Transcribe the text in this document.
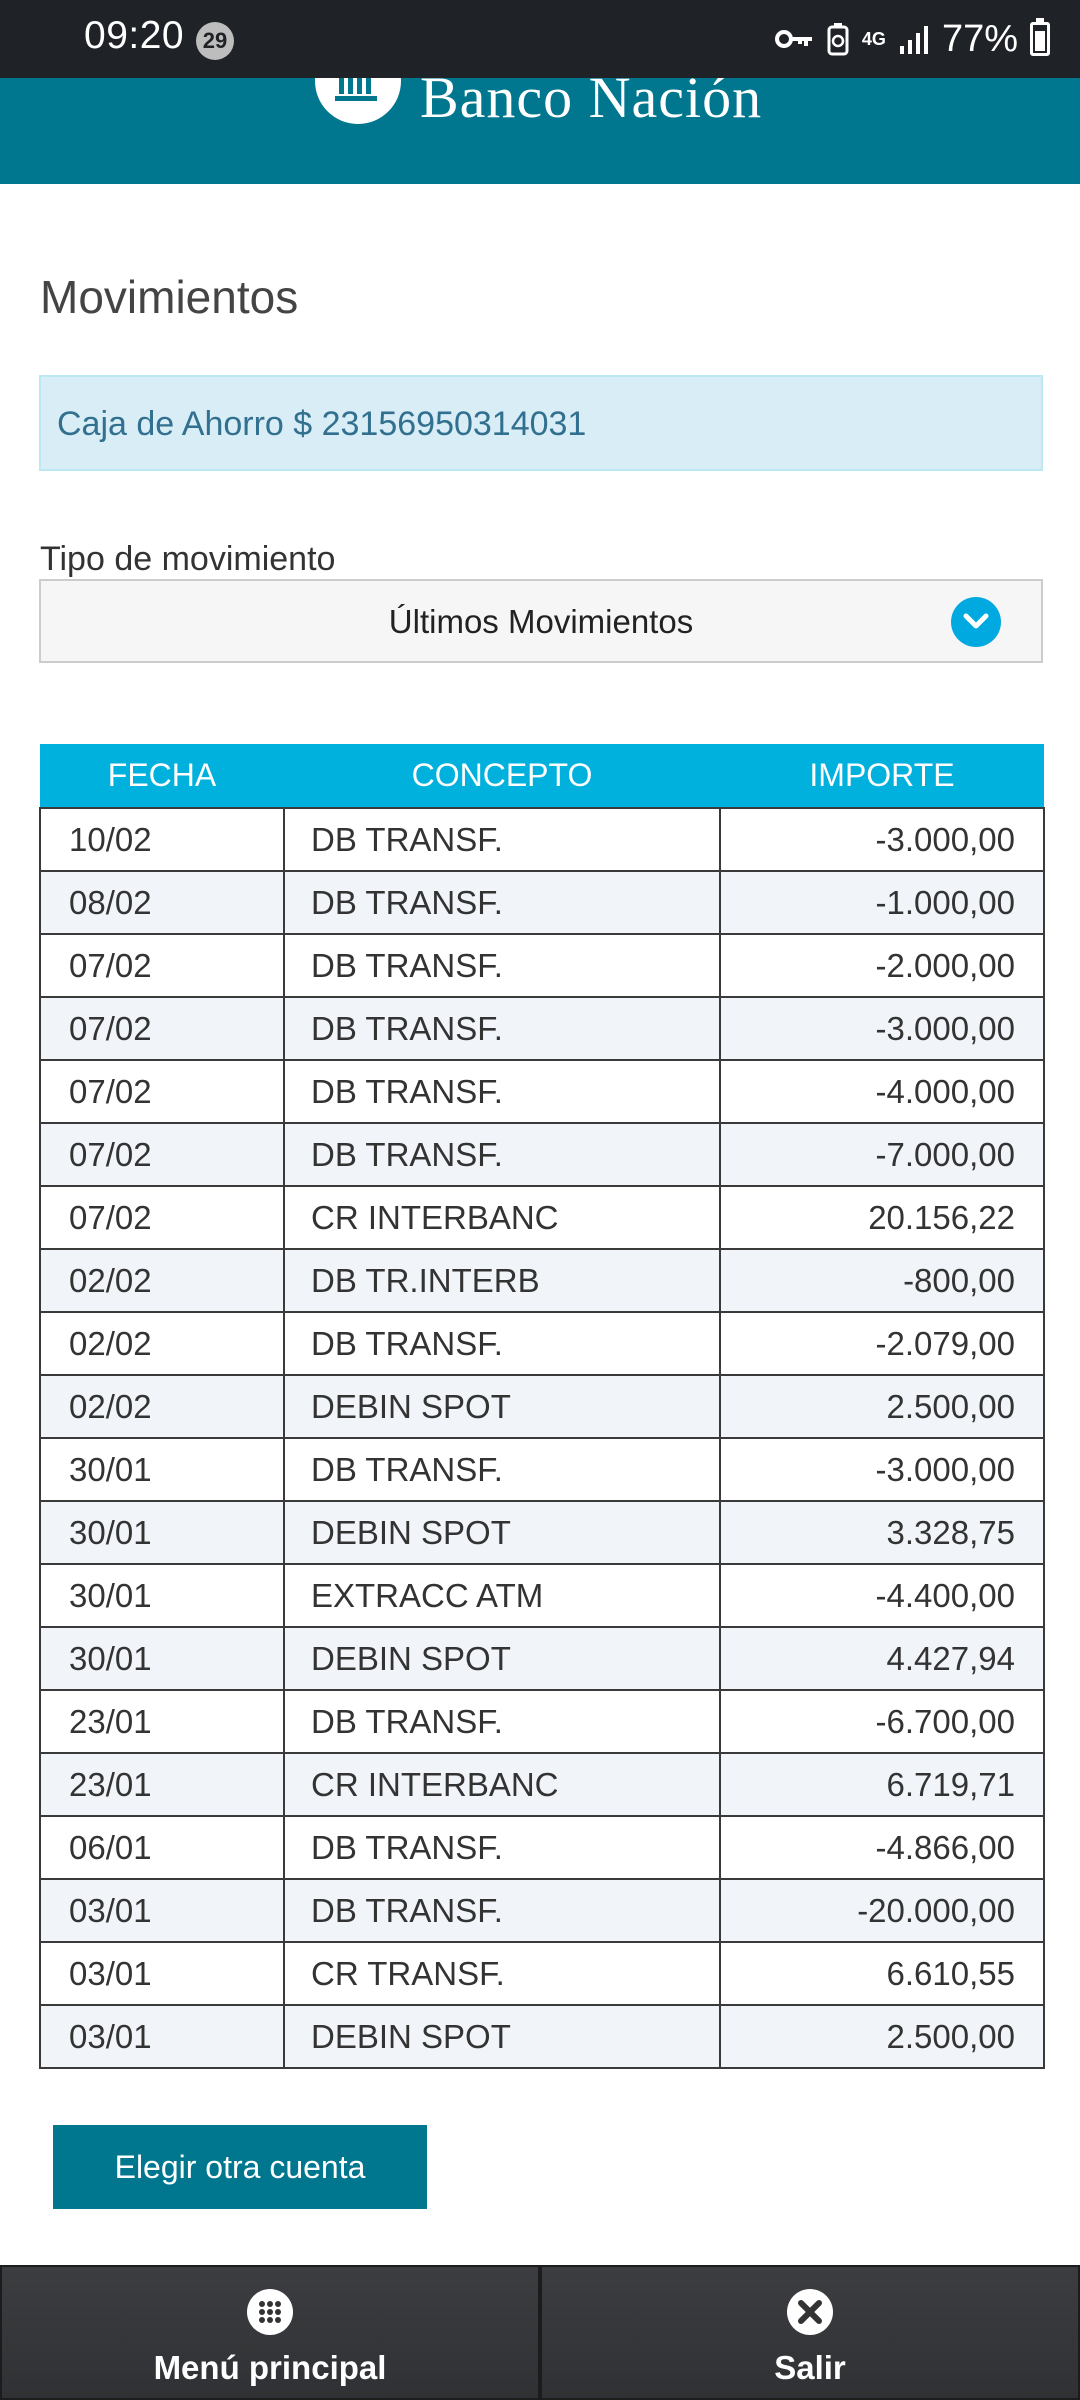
09:20 29	4G 77%
Banco Nación
Movimientos
Caja de Ahorro $ 23156950314031
Tipo de movimiento
Últimos Movimientos
FECHA	CONCEPTO	IMPORTE
10/02	DB TRANSF.	-3.000,00
08/02	DB TRANSF.	-1.000,00
07/02	DB TRANSF.	-2.000,00
07/02	DB TRANSF.	-3.000,00
07/02	DB TRANSF.	-4.000,00
07/02	DB TRANSF.	-7.000,00
07/02	CR INTERBANC	20.156,22
02/02	DB TR.INTERB	-800,00
02/02	DB TRANSF.	-2.079,00
02/02	DEBIN SPOT	2.500,00
30/01	DB TRANSF.	-3.000,00
30/01	DEBIN SPOT	3.328,75
30/01	EXTRACC ATM	-4.400,00
30/01	DEBIN SPOT	4.427,94
23/01	DB TRANSF.	-6.700,00
23/01	CR INTERBANC	6.719,71
06/01	DB TRANSF.	-4.866,00
03/01	DB TRANSF.	-20.000,00
03/01	CR TRANSF.	6.610,55
03/01	DEBIN SPOT	2.500,00
Elegir otra cuenta
Menú principal	Salir
